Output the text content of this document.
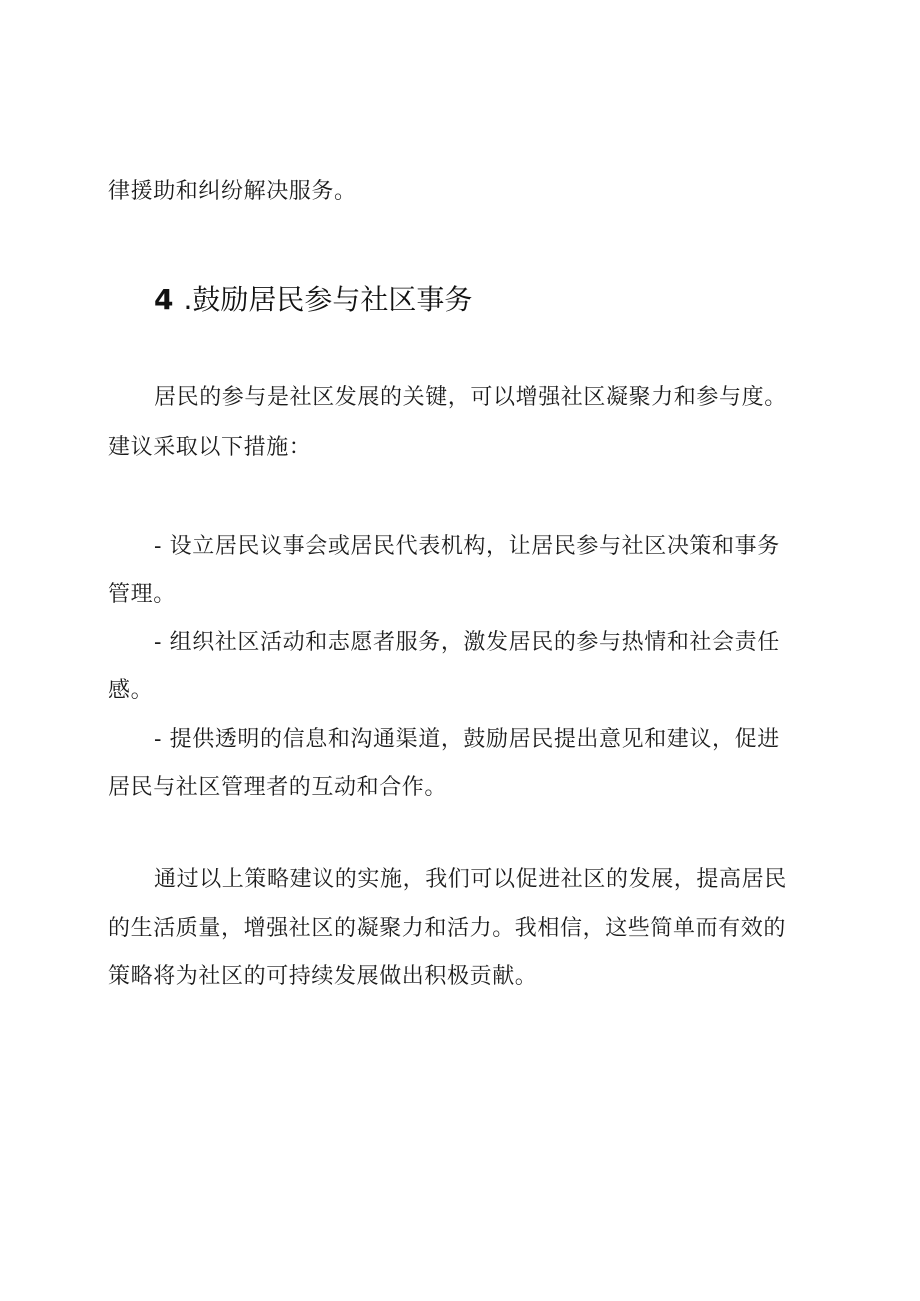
律援助和纠纷解决服务。
4 .鼓励居民参与社区事务
居民的参与是社区发展的关键，可以增强社区凝聚力和参与度。
建议采取以下措施：
- 设立居民议事会或居民代表机构，让居民参与社区决策和事务
管理。
- 组织社区活动和志愿者服务，激发居民的参与热情和社会责任
感。
- 提供透明的信息和沟通渠道，鼓励居民提出意见和建议，促进
居民与社区管理者的互动和合作。
通过以上策略建议的实施，我们可以促进社区的发展，提高居民
的生活质量，增强社区的凝聚力和活力。我相信，这些简单而有效的
策略将为社区的可持续发展做出积极贡献。
